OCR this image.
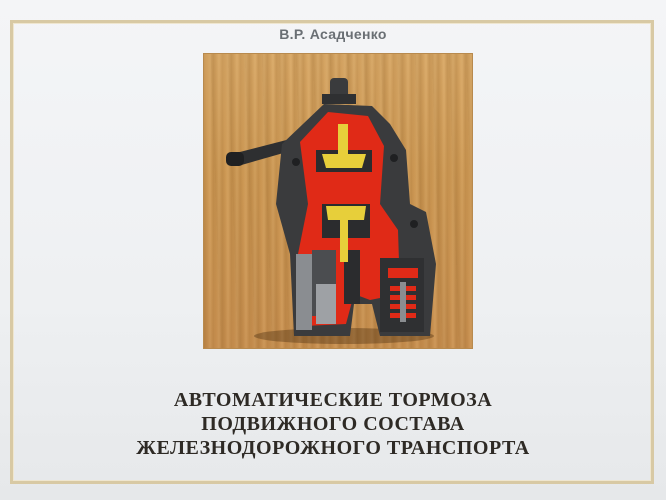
В.Р. Асадченко
АВТОМАТИЧЕСКИЕ ТОРМОЗА
ПОДВИЖНОГО СОСТАВА
ЖЕЛЕЗНОДОРОЖНОГО ТРАНСПОРТА
